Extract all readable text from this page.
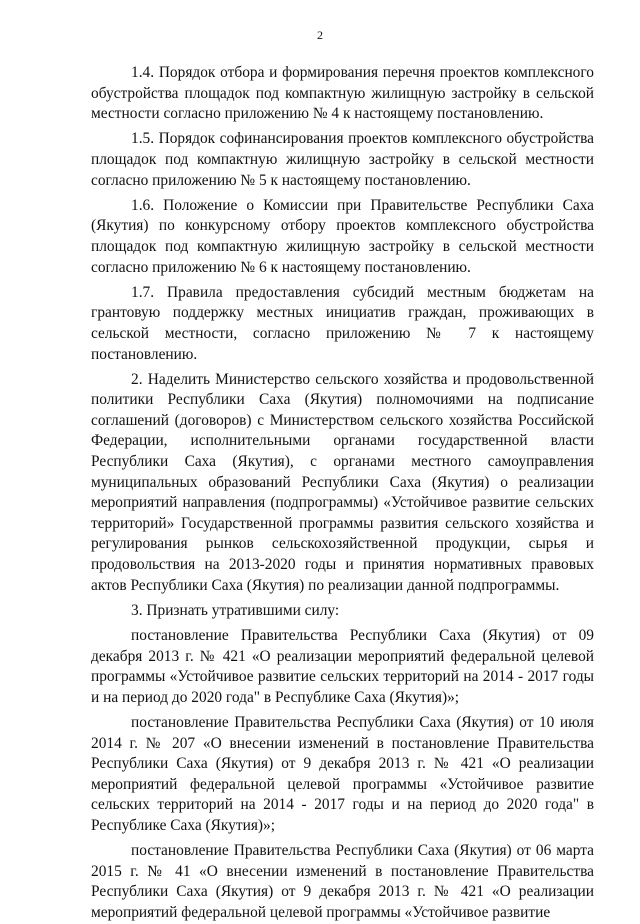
2

1.4. Порядок отбора и формирования перечня проектов комплексного обустройства площадок под компактную жилищную застройку в сельской местности согласно приложению № 4 к настоящему постановлению.

1.5. Порядок софинансирования проектов комплексного обустройства площадок под компактную жилищную застройку в сельской местности согласно приложению № 5 к настоящему постановлению.

1.6. Положение о Комиссии при Правительстве Республики Саха (Якутия) по конкурсному отбору проектов комплексного обустройства площадок под компактную жилищную застройку в сельской местности согласно приложению № 6 к настоящему постановлению.

1.7. Правила предоставления субсидий местным бюджетам на грантовую поддержку местных инициатив граждан, проживающих в сельской местности, согласно приложению № 7 к настоящему постановлению.

2. Наделить Министерство сельского хозяйства и продовольственной политики Республики Саха (Якутия) полномочиями на подписание соглашений (договоров) с Министерством сельского хозяйства Российской Федерации, исполнительными органами государственной власти Республики Саха (Якутия), с органами местного самоуправления муниципальных образований Республики Саха (Якутия) о реализации мероприятий направления (подпрограммы) «Устойчивое развитие сельских территорий» Государственной программы развития сельского хозяйства и регулирования рынков сельскохозяйственной продукции, сырья и продовольствия на 2013-2020 годы и принятия нормативных правовых актов Республики Саха (Якутия) по реализации данной подпрограммы.

3. Признать утратившими силу:

постановление Правительства Республики Саха (Якутия) от 09 декабря 2013 г. № 421 «О реализации мероприятий федеральной целевой программы «Устойчивое развитие сельских территорий на 2014 - 2017 годы и на период до 2020 года" в Республике Саха (Якутия)»;

постановление Правительства Республики Саха (Якутия) от 10 июля 2014 г. № 207 «О внесении изменений в постановление Правительства Республики Саха (Якутия) от 9 декабря 2013 г. № 421 «О реализации мероприятий федеральной целевой программы «Устойчивое развитие сельских территорий на 2014 - 2017 годы и на период до 2020 года" в Республике Саха (Якутия)»;

постановление Правительства Республики Саха (Якутия) от 06 марта 2015 г. № 41 «О внесении изменений в постановление Правительства Республики Саха (Якутия) от 9 декабря 2013 г. № 421 «О реализации мероприятий федеральной целевой программы «Устойчивое развитие
